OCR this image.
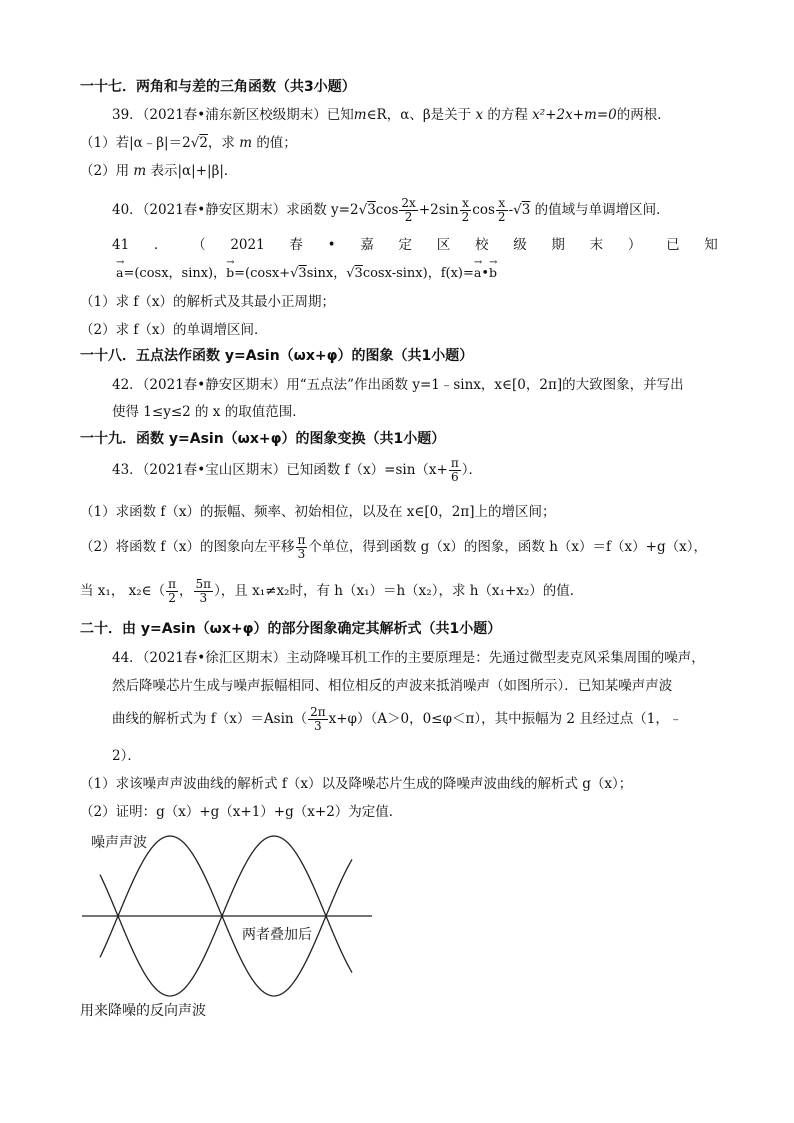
一十七．两角和与差的三角函数（共3小题）
39．（2021春•浦东新区校级期末）已知m∈R，α、β是关于 x 的方程 x²+2x+m=0的两根．
（1）若|α﹣β|＝2√2，求 m 的值；
（2）用 m 表示|α|+|β|．
40．（2021春•静安区期末）求函数 $y=2√3\cos \frac{2x}{2} +2\sin \frac{x}{2}$ $\cos \frac{x}{2} -√3$ 的值域与单调增区间．
41 ． （ 2021 春 • 嘉 定 区 校 级 期 末 ） 已 知
→ a=(cosx，sinx)，→ b=(cosx+√3sinx，√3cosx-sinx)，f(x)=→ a•→ b
（1）求 f（x）的解析式及其最小正周期；
（2）求 f（x）的单调增区间．
一十八．五点法作函数 y=Asin（ωx+φ）的图象（共1小题）
42．（2021春•静安区期末）用“五点法”作出函数 y=1﹣sinx，x∈[0，2π]的大致图象，并写出
使得 1≤y≤2 的 x 的取值范围．
一十九．函数 y=Asin（ωx+φ）的图象变换（共1小题）
43．（2021春•宝山区期末）已知函数 $f(x)=\sin(x+ \frac{\pi}{6}$ ）．
（1）求函数 f（x）的振幅、频率、初始相位，以及在 x∈[0，2π]上的增区间；
（2）将函数 f（x）的图象向左平移 $\frac{\pi}{3}$ 个单位，得到函数 g（x）的图象，函数 h（x）＝f（x）+g（x），
当 x₁， x₂∈（ $\frac{\pi}{2}$ ， $\frac{5\pi}{3}$ ），且 x₁≠x₂时，有 h（x₁）＝h（x₂），求 h（x₁+x₂）的值．
二十．由 y=Asin（ωx+φ）的部分图象确定其解析式（共1小题）
44．（2021春•徐汇区期末）主动降噪耳机工作的主要原理是：先通过微型麦克风采集周围的噪声，
然后降噪芯片生成与噪声振幅相同、相位相反的声波来抵消噪声（如图所示）．已知某噪声声波
曲线的解析式为 $f(x)=Asin( \frac{2\pi}{3} x+\varphi)(A>0$，0≤φ＜π），其中振幅为 2 且经过点（1，﹣
2）．
（1）求该噪声声波曲线的解析式 f（x）以及降噪芯片生成的降噪声波曲线的解析式 g（x）；
（2）证明：g（x）+g（x+1）+g（x+2）为定值．
噪声声波
两者叠加后
用来降噪的反向声波
